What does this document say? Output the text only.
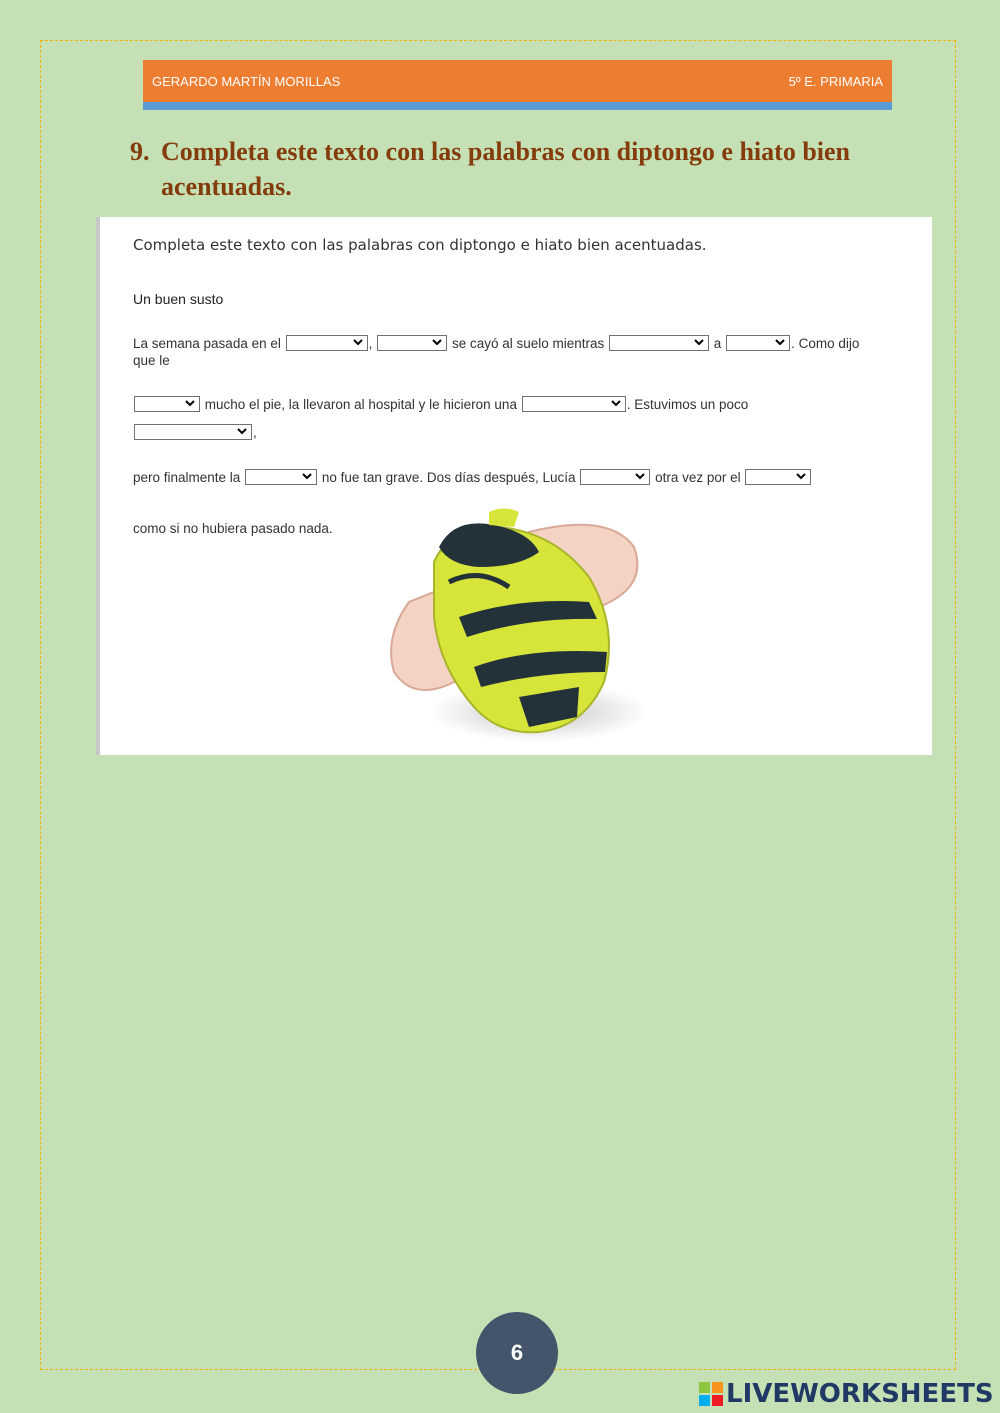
GERARDO MARTÍN MORILLAS	5º E. PRIMARIA
9. Completa este texto con las palabras con diptongo e hiato bien acentuadas.
Completa este texto con las palabras con diptongo e hiato bien acentuadas.
Un buen susto
La semana pasada en el	,	se cayó al suelo mientras	a	. Como dijo
que le
mucho el pie, la llevaron al hospital y le hicieron una	. Estuvimos un poco
,
pero finalmente la	no fue tan grave. Dos días después, Lucía	otra vez por el
como si no hubiera pasado nada.
6
LIVEWORKSHEETS
